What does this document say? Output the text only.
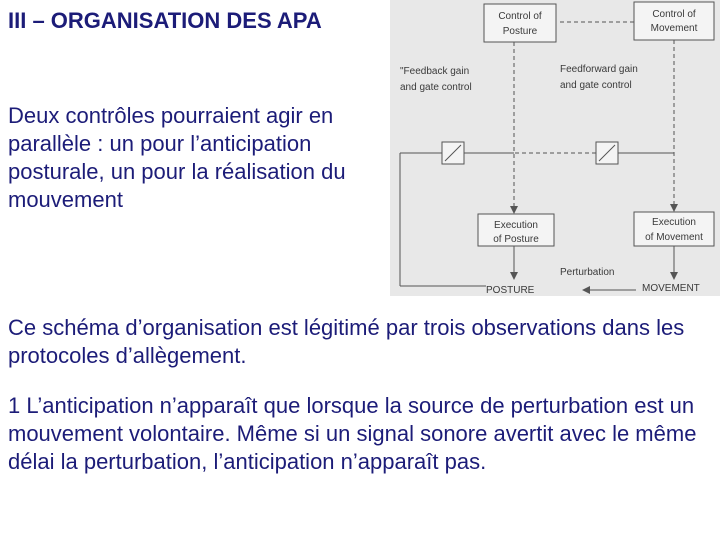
III – ORGANISATION DES APA

Deux contrôles pourraient agir en parallèle : un pour l’anticipation posturale, un pour la réalisation du mouvement

Control of
Posture
Control of
Movement
"Feedback gain
and gate control
Feedforward gain
and gate control
Execution
of Posture
Execution
of Movement
Perturbation
POSTURE	MOVEMENT

Ce schéma d’organisation est légitimé par trois observations dans les protocoles d’allègement.

1 L’anticipation n’apparaît que lorsque la source de perturbation est un mouvement volontaire. Même si un signal sonore avertit avec le même délai la perturbation, l’anticipation n’apparaît pas.
